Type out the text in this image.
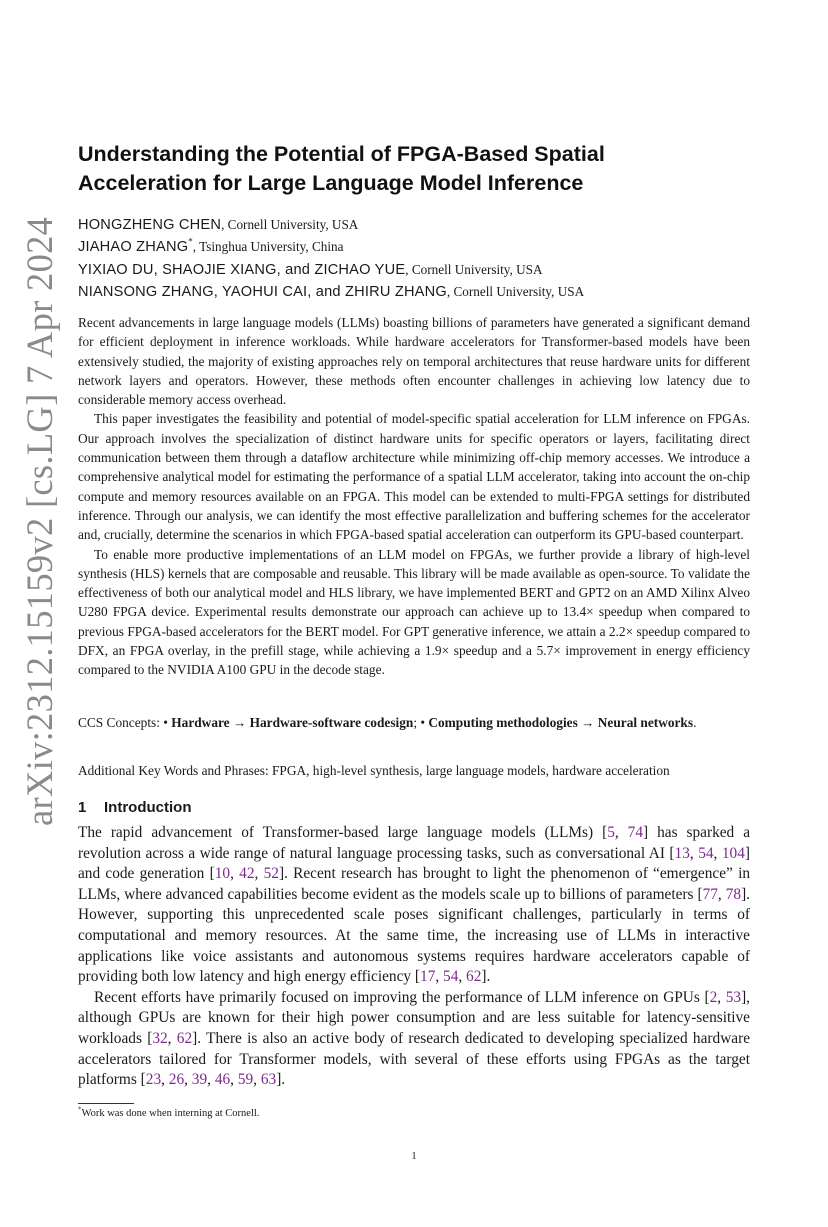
arXiv:2312.15159v2 [cs.LG] 7 Apr 2024
Understanding the Potential of FPGA-Based Spatial
Acceleration for Large Language Model Inference
HONGZHENG CHEN, Cornell University, USA
JIAHAO ZHANG*, Tsinghua University, China
YIXIAO DU, SHAOJIE XIANG, and ZICHAO YUE, Cornell University, USA
NIANSONG ZHANG, YAOHUI CAI, and ZHIRU ZHANG, Cornell University, USA

Recent advancements in large language models (LLMs) boasting billions of parameters have generated a significant demand for efficient deployment in inference workloads. While hardware accelerators for Transformer-based models have been extensively studied, the majority of existing approaches rely on temporal architectures that reuse hardware units for different network layers and operators. However, these methods often encounter challenges in achieving low latency due to considerable memory access overhead.

This paper investigates the feasibility and potential of model-specific spatial acceleration for LLM inference on FPGAs. Our approach involves the specialization of distinct hardware units for specific operators or layers, facilitating direct communication between them through a dataflow architecture while minimizing off-chip memory accesses. We introduce a comprehensive analytical model for estimating the performance of a spatial LLM accelerator, taking into account the on-chip compute and memory resources available on an FPGA. This model can be extended to multi-FPGA settings for distributed inference. Through our analysis, we can identify the most effective parallelization and buffering schemes for the accelerator and, crucially, determine the scenarios in which FPGA-based spatial acceleration can outperform its GPU-based counterpart.

To enable more productive implementations of an LLM model on FPGAs, we further provide a library of high-level synthesis (HLS) kernels that are composable and reusable. This library will be made available as open-source. To validate the effectiveness of both our analytical model and HLS library, we have implemented BERT and GPT2 on an AMD Xilinx Alveo U280 FPGA device. Experimental results demonstrate our approach can achieve up to 13.4× speedup when compared to previous FPGA-based accelerators for the BERT model. For GPT generative inference, we attain a 2.2× speedup compared to DFX, an FPGA overlay, in the prefill stage, while achieving a 1.9× speedup and a 5.7× improvement in energy efficiency compared to the NVIDIA A100 GPU in the decode stage.

CCS Concepts: • Hardware → Hardware-software codesign; • Computing methodologies → Neural networks.
Additional Key Words and Phrases: FPGA, high-level synthesis, large language models, hardware acceleration
1 Introduction

The rapid advancement of Transformer-based large language models (LLMs) [5, 74] has sparked a revolution across a wide range of natural language processing tasks, such as conversational AI [13, 54, 104] and code generation [10, 42, 52]. Recent research has brought to light the phenomenon of “emergence” in LLMs, where advanced capabilities become evident as the models scale up to billions of parameters [77, 78]. However, supporting this unprecedented scale poses significant challenges, particularly in terms of computational and memory resources. At the same time, the increasing use of LLMs in interactive applications like voice assistants and autonomous systems requires hardware accelerators capable of providing both low latency and high energy efficiency [17, 54, 62].

Recent efforts have primarily focused on improving the performance of LLM inference on GPUs [2, 53], although GPUs are known for their high power consumption and are less suitable for latency-sensitive workloads [32, 62]. There is also an active body of research dedicated to developing specialized hardware accelerators tailored for Transformer models, with several of these efforts using FPGAs as the target platforms [23, 26, 39, 46, 59, 63].

*Work was done when interning at Cornell.
1
